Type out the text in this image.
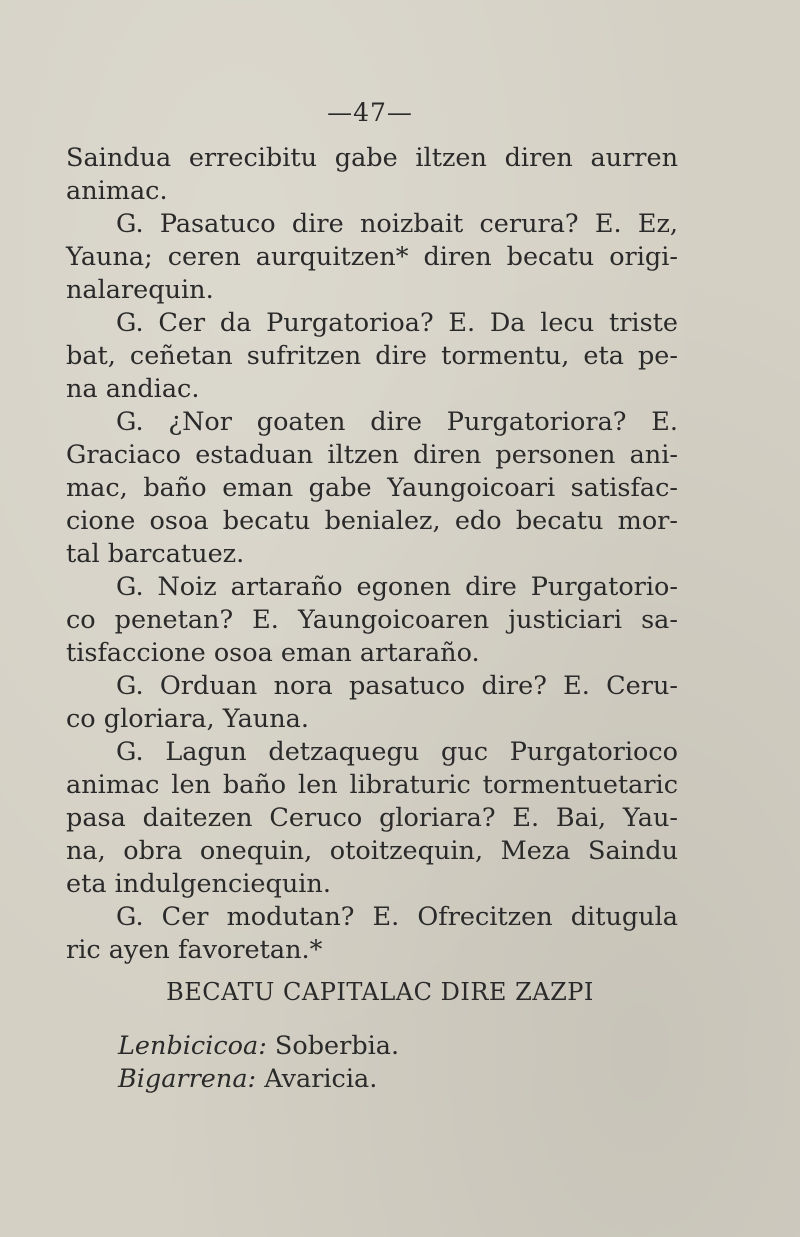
—47—
Saindua errecibitu gabe iltzen diren aurren
animac.
G. Pasatuco dire noizbait cerura? E. Ez,
Yauna; ceren aurquitzen* diren becatu origi-
nalarequin.
G. Cer da Purgatorioa? E. Da lecu triste
bat, ceñetan sufritzen dire tormentu, eta pe-
na andiac.
G. ¿Nor goaten dire Purgatoriora? E.
Graciaco estaduan iltzen diren personen ani-
mac, baño eman gabe Yaungoicoari satisfac-
cione osoa becatu benialez, edo becatu mor-
tal barcatuez.
G. Noiz artaraño egonen dire Purgatorio-
co penetan? E. Yaungoicoaren justiciari sa-
tisfaccione osoa eman artaraño.
G. Orduan nora pasatuco dire? E. Ceru-
co gloriara, Yauna.
G. Lagun detzaquegu guc Purgatorioco
animac len baño len libraturic tormentuetaric
pasa daitezen Ceruco gloriara? E. Bai, Yau-
na, obra onequin, otoitzequin, Meza Saindu
eta indulgenciequin.
G. Cer modutan? E. Ofrecitzen ditugula
ric ayen favoretan.*
BECATU CAPITALAC DIRE ZAZPI
Lenbicicoa: Soberbia.
Bigarrena: Avaricia.
